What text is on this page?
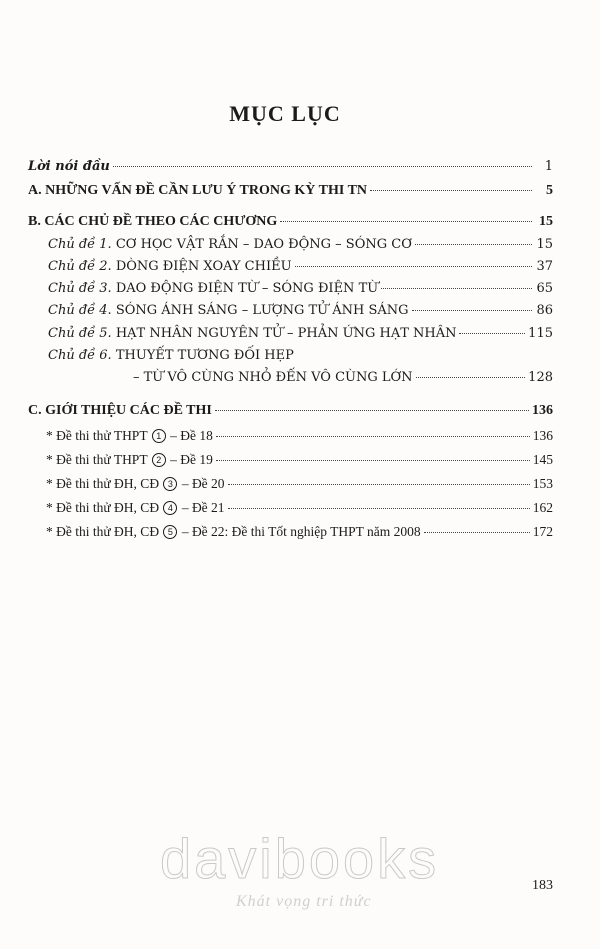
MỤC LỤC
Lời nói đầu	1
A. NHỮNG VẤN ĐỀ CẦN LƯU Ý TRONG KỲ THI TN	5
B. CÁC CHỦ ĐỀ THEO CÁC CHƯƠNG	15
Chủ đề 1. CƠ HỌC VẬT RẮN – DAO ĐỘNG – SÓNG CƠ	15
Chủ đề 2. DÒNG ĐIỆN XOAY CHIỀU	37
Chủ đề 3. DAO ĐỘNG ĐIỆN TỪ – SÓNG ĐIỆN TỪ	65
Chủ đề 4. SÓNG ÁNH SÁNG – LƯỢNG TỬ ÁNH SÁNG	86
Chủ đề 5. HẠT NHÂN NGUYÊN TỬ – PHẢN ỨNG HẠT NHÂN	115
Chủ đề 6. THUYẾT TƯƠNG ĐỐI HẸP
– TỪ VÔ CÙNG NHỎ ĐẾN VÔ CÙNG LỚN	128
C. GIỚI THIỆU CÁC ĐỀ THI	136
* Đề thi thử THPT 1 – Đề 18	136
* Đề thi thử THPT 2 – Đề 19	145
* Đề thi thử ĐH, CĐ 3 – Đề 20	153
* Đề thi thử ĐH, CĐ 4 – Đề 21	162
* Đề thi thử ĐH, CĐ 5 – Đề 22: Đề thi Tốt nghiệp THPT năm 2008	172
davibooks
Khát vọng tri thức
183
